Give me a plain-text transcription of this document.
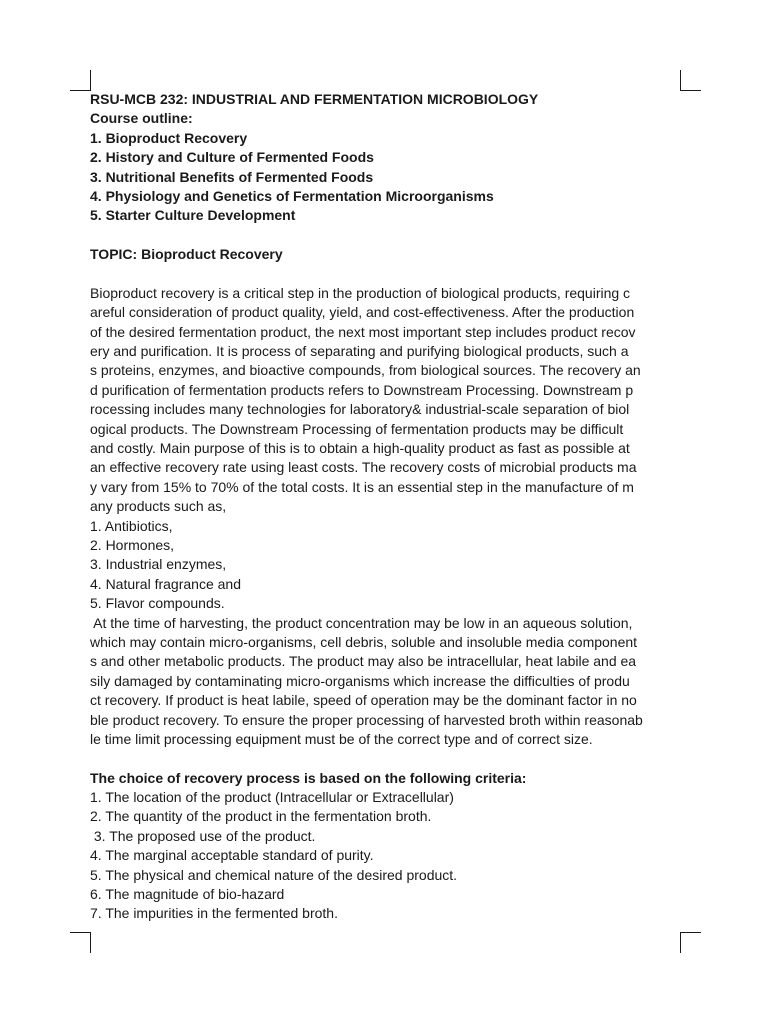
RSU-MCB 232: INDUSTRIAL AND FERMENTATION MICROBIOLOGY
Course outline:
1. Bioproduct Recovery
2. History and Culture of Fermented Foods
3. Nutritional Benefits of Fermented Foods
4. Physiology and Genetics of Fermentation Microorganisms
5. Starter Culture Development
TOPIC: Bioproduct Recovery
Bioproduct recovery is a critical step in the production of biological products, requiring c
areful consideration of product quality, yield, and cost-effectiveness. After the production
of the desired fermentation product, the next most important step includes product recov
ery and purification. It is process of separating and purifying biological products, such a
s proteins, enzymes, and bioactive compounds, from biological sources. The recovery an
d purification of fermentation products refers to Downstream Processing. Downstream p
rocessing includes many technologies for laboratory& industrial-scale separation of biol
ogical products. The Downstream Processing of fermentation products may be difficult
and costly. Main purpose of this is to obtain a high-quality product as fast as possible at
an effective recovery rate using least costs. The recovery costs of microbial products ma
y vary from 15% to 70% of the total costs. It is an essential step in the manufacture of m
any products such as,
1. Antibiotics,
2. Hormones,
3. Industrial enzymes,
4. Natural fragrance and
5. Flavor compounds.
At the time of harvesting, the product concentration may be low in an aqueous solution,
which may contain micro-organisms, cell debris, soluble and insoluble media component
s and other metabolic products. The product may also be intracellular, heat labile and ea
sily damaged by contaminating micro-organisms which increase the difficulties of produ
ct recovery. If product is heat labile, speed of operation may be the dominant factor in no
ble product recovery. To ensure the proper processing of harvested broth within reasonab
le time limit processing equipment must be of the correct type and of correct size.
The choice of recovery process is based on the following criteria:
1. The location of the product (Intracellular or Extracellular)
2. The quantity of the product in the fermentation broth.
3. The proposed use of the product.
4. The marginal acceptable standard of purity.
5. The physical and chemical nature of the desired product.
6. The magnitude of bio-hazard
7. The impurities in the fermented broth.
